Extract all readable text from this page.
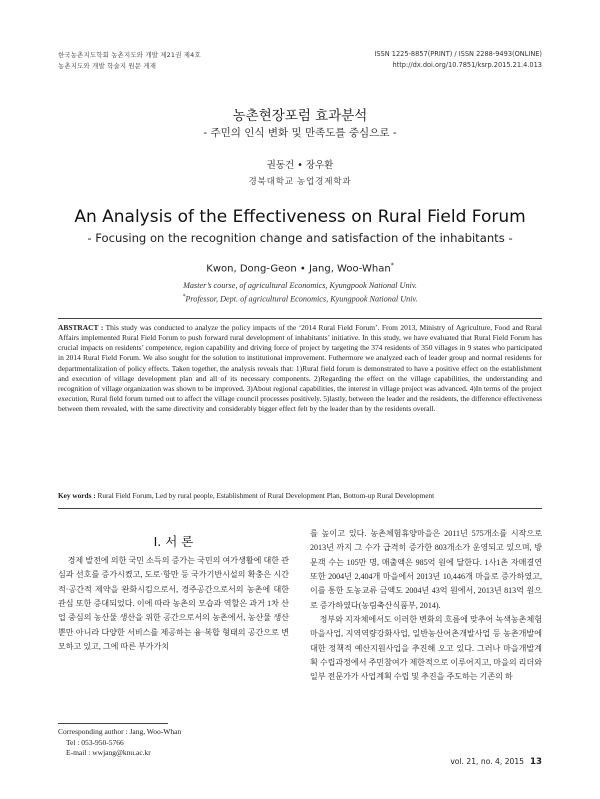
한국농촌지도학회 농촌지도와 개발 제21권 제4호
농촌지도와 개발 학술지 원문 게재
ISSN 1225-8857(PRINT) / ISSN 2288-9493(ONLINE)
http://dx.doi.org/10.7851/ksrp.2015.21.4.013
농촌현장포럼 효과분석
- 주민의 인식 변화 및 만족도를 중심으로 -
권동건 • 장우환
경북대학교 농업경제학과
An Analysis of the Effectiveness on Rural Field Forum
- Focusing on the recognition change and satisfaction of the inhabitants -
Kwon, Dong-Geon • Jang, Woo-Whan*
Master’s course, of agricultural Economics, Kyungpook National Univ.
*Professor, Dept. of agricultural Economics, Kyungpook National Univ.
ABSTRACT : This study was conducted to analyze the policy impacts of the ‘2014 Rural Field Forum’. From 2013, Ministry of Agriculture, Food and Rural Affairs implemented Rural Field Forum to push forward rural development of inhabitants’ initiative. In this study, we have evaluated that Rural Field Forum has crucial impacts on residents’ competence, region capability and driving force of project by targeting the 374 residents of 350 villages in 9 states who participated in 2014 Rural Field Forum. We also sought for the solution to institutional improvement. Futhermore we analyzed each of leader group and normal residents for departmentalization of policy effects. Taken together, the analysis reveals that: 1)Rural field forum is demonstrated to have a positive effect on the establishment and execution of village development plan and all of its necessary components. 2)Regarding the effect on the village capabilities, the understanding and recognition of village organization was shown to be improved. 3)About regional capabilities, the interest in village project was advanced. 4)In terms of the project execution, Rural field forum turned out to affect the village council processes positively. 5)lastly, between the leader and the residents, the difference effectiveness between them revealed, with the same directivity and considerably bigger effect felt by the leader than by the residents overall.
Key words : Rural Field Forum, Led by rural people, Establishment of Rural Development Plan, Bottom-up Rural Development
I. 서 론

경제 발전에 의한 국민 소득의 증가는 국민의 여가생활에 대한 관심과 선호를 증가시켰고, 도로·항만 등 국가기반시설의 확충은 시간적·공간적 제약을 완화시킴으로서, 경주공간으로서의 농촌에 대한 관심 또한 증대되었다. 이에 따라 농촌의 모습과 역할은 과거 1차 산업 중심의 농산물 생산을 위한 공간으로서의 농촌에서, 농산물 생산뿐만 아니라 다양한 서비스를 제공하는 융·복합 형태의 공간으로 변모하고 있고, 그에 따른 부가가치

를 높이고 있다. 농촌체험휴양마을은 2011년 575개소를 시작으로 2013년 까지 그 수가 급격히 증가한 803개소가 운영되고 있으며, 방문객 수는 105만 명, 매출액은 985억 원에 달한다. 1사1촌 자매결연 또한 2004년 2,404개 마을에서 2013년 10,446개 마을로 증가하였고, 이를 통한 도농교류 금액도 2004년 43억 원에서, 2013년 813억 원으로 증가하였다(농림축산식품부, 2014).

정부와 지자체에서도 이러한 변화의 흐름에 맞추어 녹색농촌체험마을사업, 지역역량강화사업, 일반농산어촌개발사업 등 농촌개발에 대한 정책적 예산지원사업을 추진해 오고 있다. 그러나 마을개발계획 수립과정에서 주민참여가 제한적으로 이루어지고, 마을의 리더와 일부 전문가가 사업계획 수립 및 추진을 주도하는 기존의 하

Corresponding author : Jang, Woo-Whan
Tel : 053-950-5766
E-mail : wwjang@knu.ac.kr
vol. 21, no. 4, 2015 13
